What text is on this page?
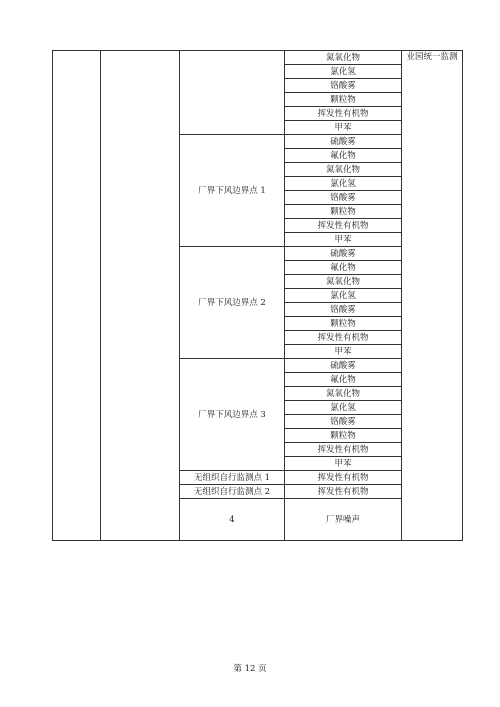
			氮氧化物	业园统一监测	
			氯化氢		
			铬酸雾		
			颗粒物		
			挥发性有机物		
			甲苯		
		厂界下风边界点 1	硫酸雾		
			氟化物		
			氮氧化物		
			氯化氢		
			铬酸雾		
			颗粒物		
			挥发性有机物		
			甲苯		
		厂界下风边界点 2	硫酸雾		
			氟化物		
			氮氧化物		
			氯化氢		
			铬酸雾		
			颗粒物		
			挥发性有机物		
			甲苯		
		厂界下风边界点 3	硫酸雾		
			氟化物		
			氮氧化物		
			氯化氢		
			铬酸雾		
			颗粒物		
			挥发性有机物		
			甲苯		
		无组织自行监测点 1	挥发性有机物		
		无组织自行监测点 2	挥发性有机物		
		4	厂界噪声			

第 12 页
